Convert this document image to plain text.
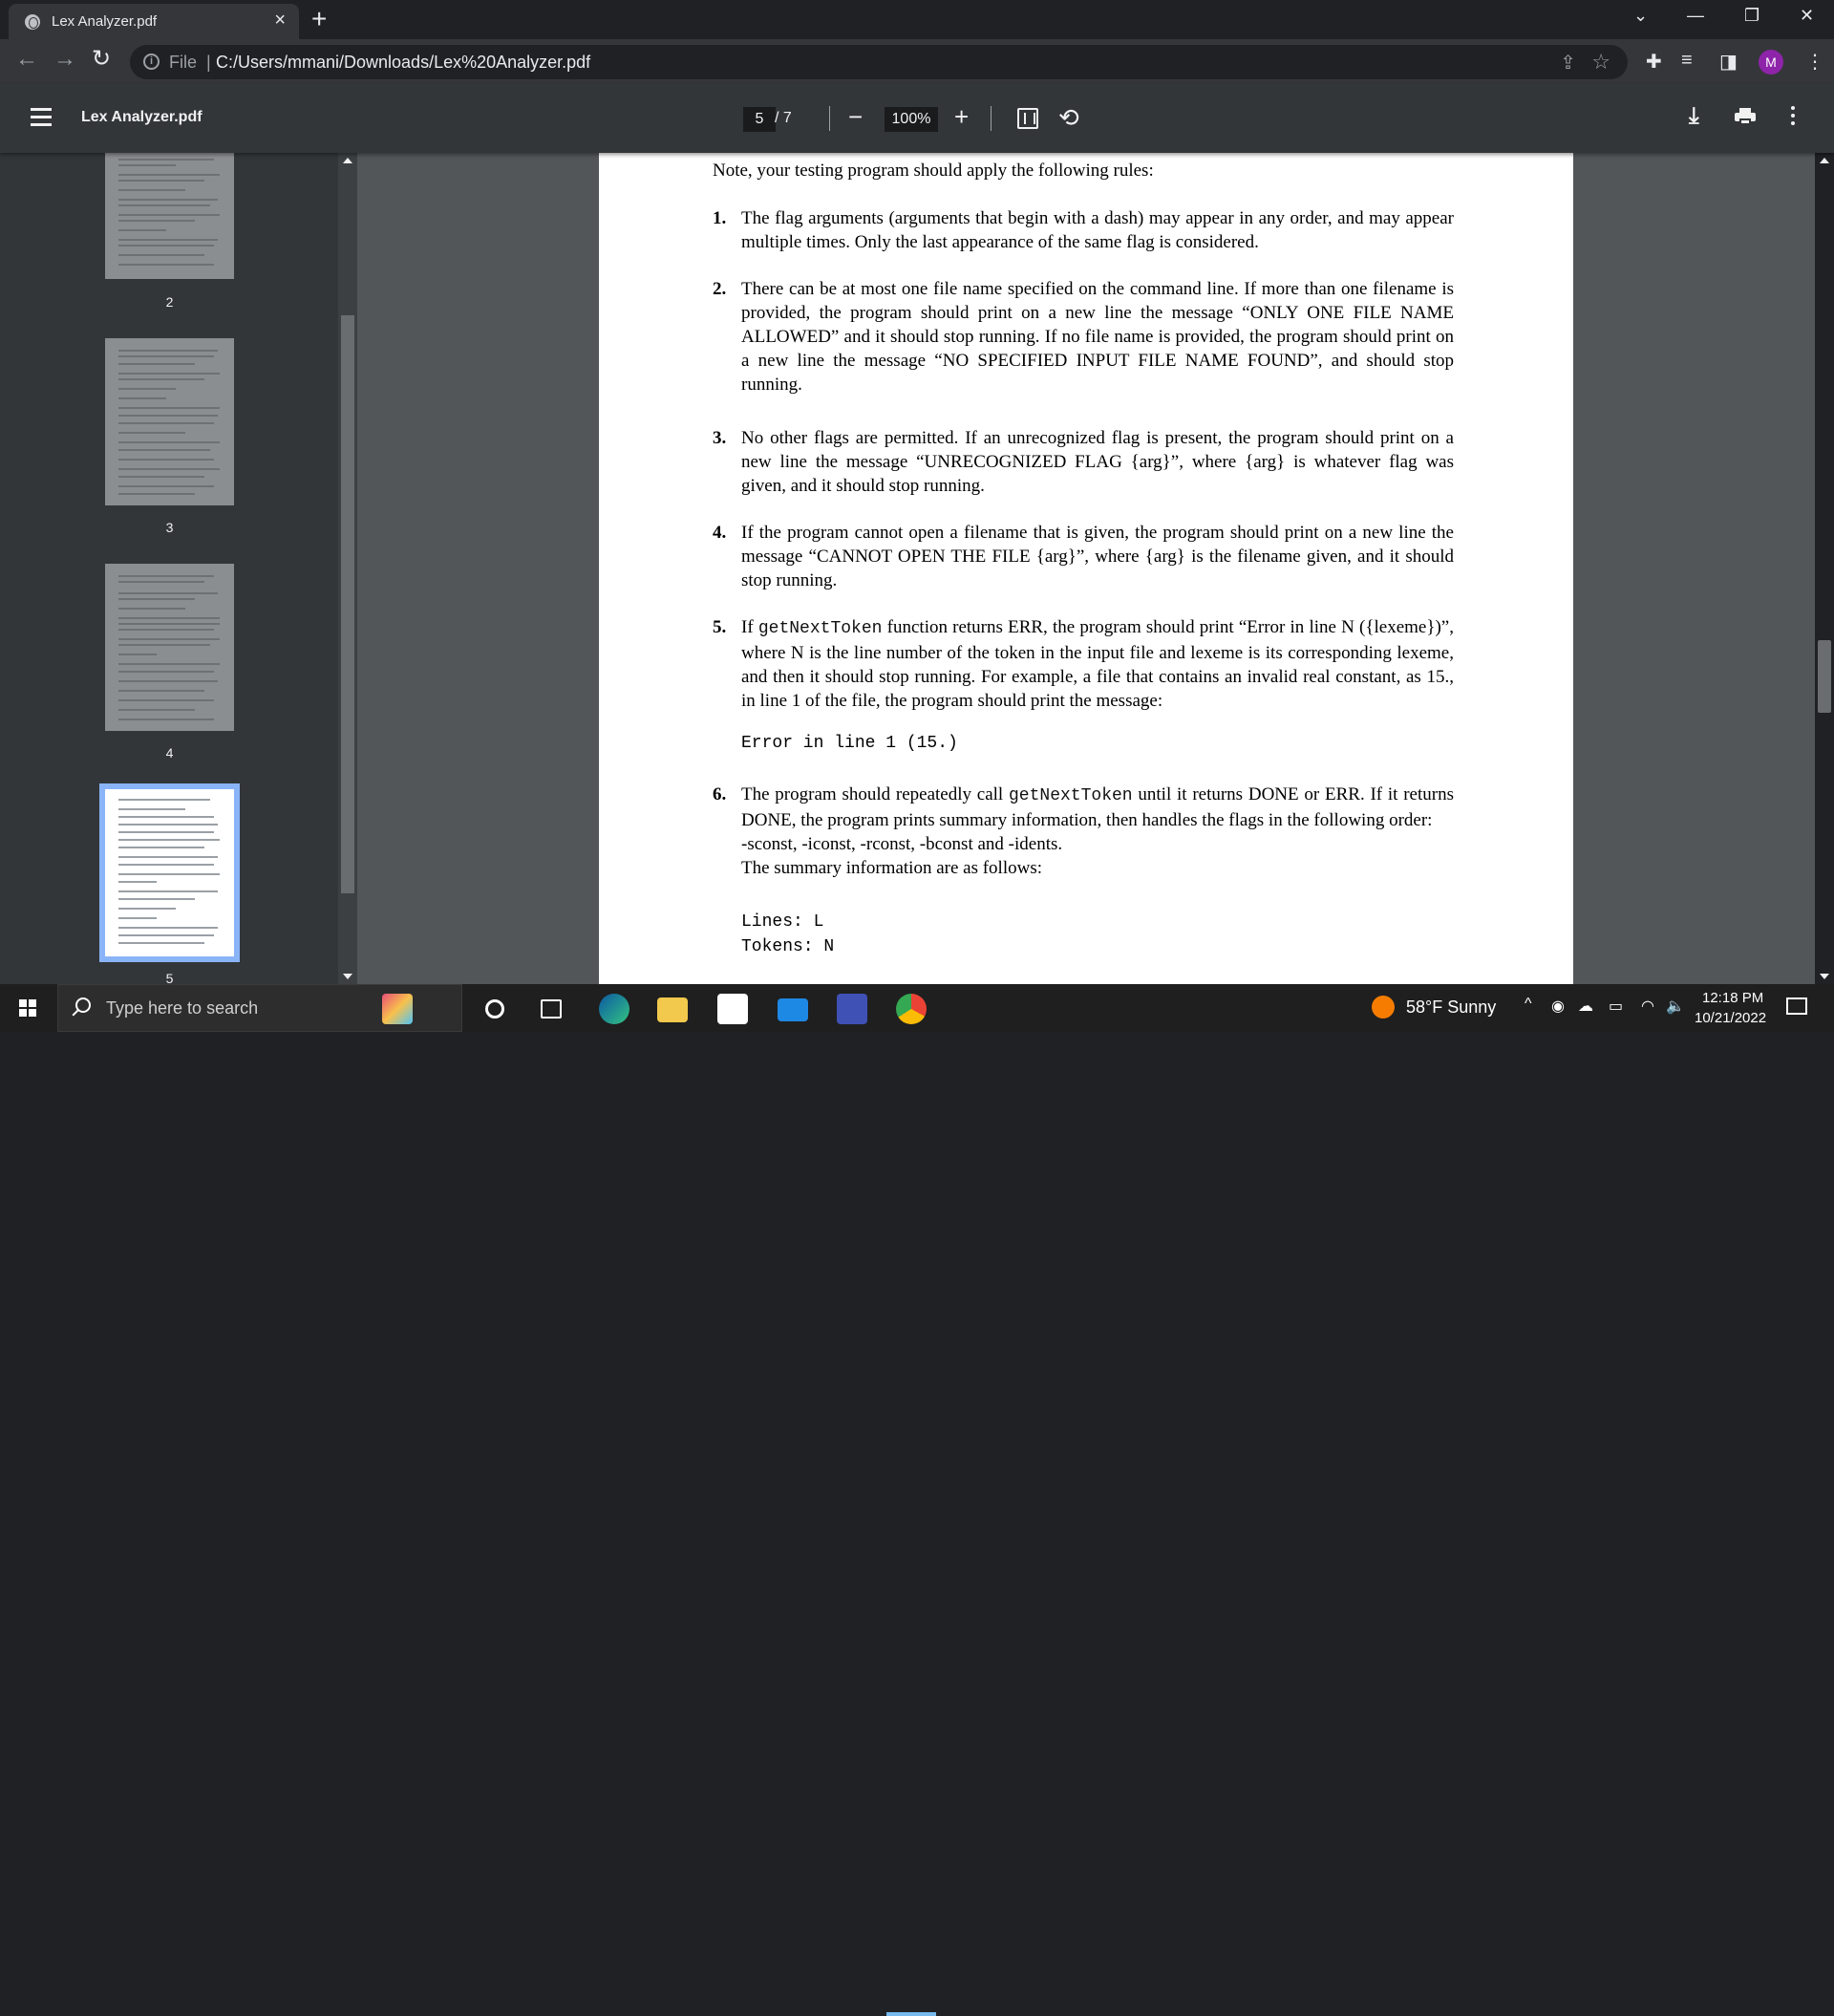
Lex Analyzer.pdf	× +	⌄ — ❐ ✕
← → ↻	i File | C:/Users/mmani/Downloads/Lex%20Analyzer.pdf	⇪ ☆ ✚ ≡ ◨	M	⋮
Lex Analyzer.pdf	5 / 7 −	100% +	⟲	⤓
2
3
4
5

Note, your testing program should apply the following rules:

1. The flag arguments (arguments that begin with a dash) may appear in any order, and may appear multiple times. Only the last appearance of the same flag is considered.
2. There can be at most one file name specified on the command line. If more than one filename is provided, the program should print on a new line the message “ONLY ONE FILE NAME ALLOWED” and it should stop running. If no file name is provided, the program should print on a new line the message “NO SPECIFIED INPUT FILE NAME FOUND”, and should stop running.
3. No other flags are permitted. If an unrecognized flag is present, the program should print on a new line the message “UNRECOGNIZED FLAG {arg}”, where {arg} is whatever flag was given, and it should stop running.
4. If the program cannot open a filename that is given, the program should print on a new line the message “CANNOT OPEN THE FILE {arg}”, where {arg} is the filename given, and it should stop running.
5. If getNextToken function returns ERR, the program should print “Error in line N ({lexeme})”, where N is the line number of the token in the input file and lexeme is its corresponding lexeme, and then it should stop running. For example, a file that contains an invalid real constant, as 15., in line 1 of the file, the program should print the message:
Error in line 1 (15.)
6. The program should repeatedly call getNextToken until it returns DONE or ERR. If it returns DONE, the program prints summary information, then handles the flags in the following order:
-sconst, -iconst, -rconst, -bconst and -idents.
The summary information are as follows:
Lines: L
Tokens: N
Type here to search	58°F Sunny ^ ◉ ☁ ▭ ◠ 🔈
12:18 PM
10/21/2022
